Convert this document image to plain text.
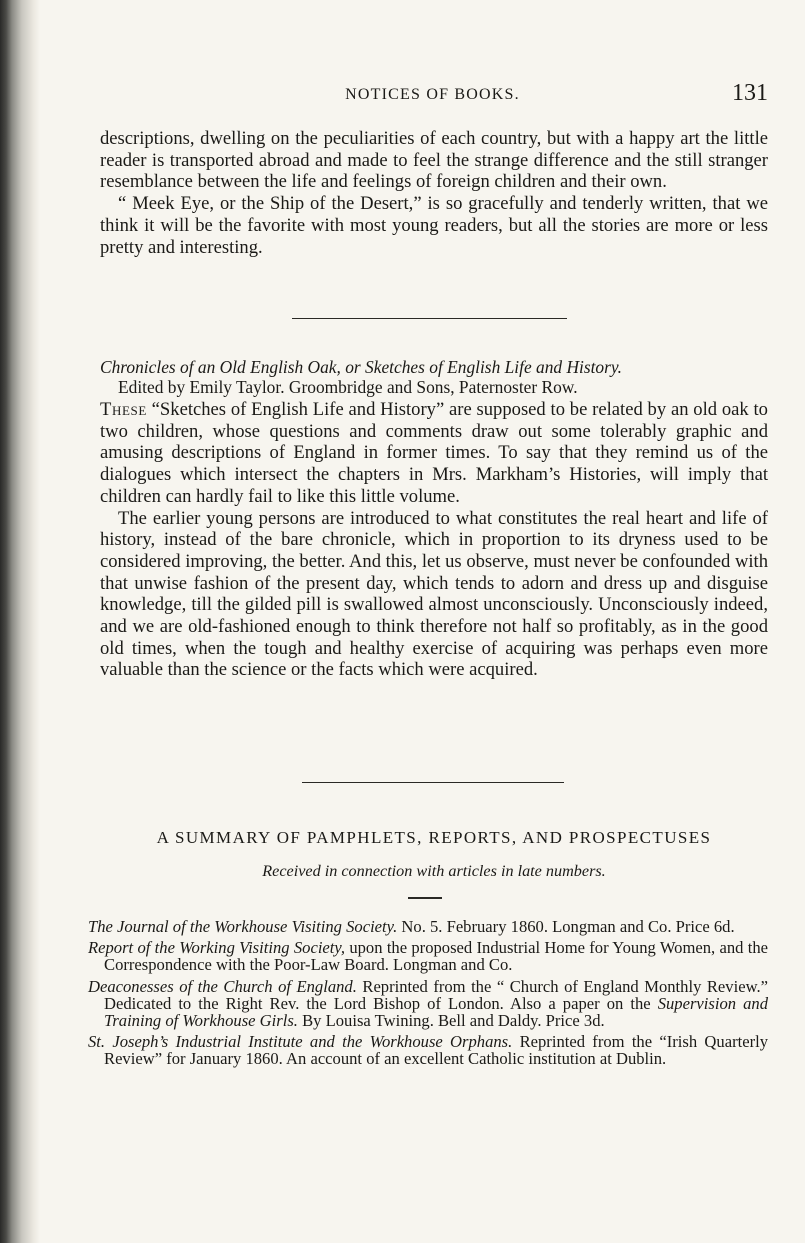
NOTICES OF BOOKS.	131

descriptions, dwelling on the peculiarities of each country, but with a happy art the little reader is transported abroad and made to feel the strange difference and the still stranger resemblance between the life and feelings of foreign children and their own.

“ Meek Eye, or the Ship of the Desert,” is so gracefully and tenderly written, that we think it will be the favorite with most young readers, but all the stories are more or less pretty and interesting.

Chronicles of an Old English Oak, or Sketches of English Life and History.
Edited by Emily Taylor. Groombridge and Sons, Paternoster Row.

These “Sketches of English Life and History” are supposed to be related by an old oak to two children, whose questions and comments draw out some tolerably graphic and amusing descriptions of England in former times. To say that they remind us of the dialogues which intersect the chapters in Mrs. Markham’s Histories, will imply that children can hardly fail to like this little volume.

The earlier young persons are introduced to what constitutes the real heart and life of history, instead of the bare chronicle, which in proportion to its dryness used to be considered improving, the better. And this, let us observe, must never be confounded with that unwise fashion of the present day, which tends to adorn and dress up and disguise knowledge, till the gilded pill is swallowed almost unconsciously. Unconsciously indeed, and we are old-fashioned enough to think therefore not half so profitably, as in the good old times, when the tough and healthy exercise of acquiring was perhaps even more valuable than the science or the facts which were acquired.

A SUMMARY OF PAMPHLETS, REPORTS, AND PROSPECTUSES
Received in connection with articles in late numbers.

The Journal of the Workhouse Visiting Society. No. 5. February 1860. Longman and Co. Price 6d.

Report of the Working Visiting Society, upon the proposed Industrial Home for Young Women, and the Correspondence with the Poor-Law Board. Longman and Co.

Deaconesses of the Church of England. Reprinted from the “ Church of England Monthly Review.” Dedicated to the Right Rev. the Lord Bishop of London. Also a paper on the Supervision and Training of Workhouse Girls. By Louisa Twining. Bell and Daldy. Price 3d.

St. Joseph’s Industrial Institute and the Workhouse Orphans. Reprinted from the “Irish Quarterly Review” for January 1860. An account of an excellent Catholic institution at Dublin.
